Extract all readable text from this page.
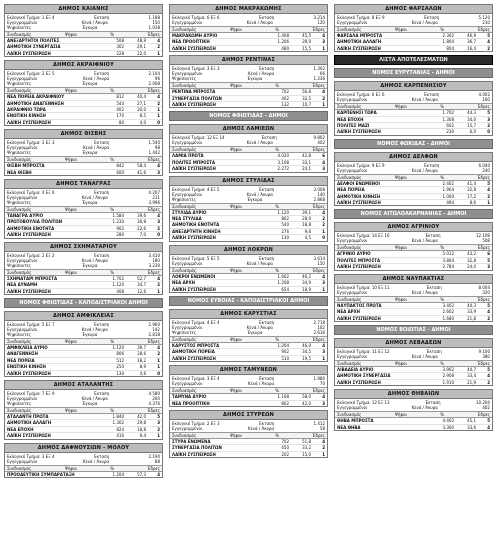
ΔΗΜΟΣ ΚΑΙΑΝΗΣ
Εκλογικό Τμήμα: 1 ΕΞ 4	Έκταση	1.188
Εγγεγραμμένοι	Κενά / Άκυρα	150
Ψηφίσαντες	Έγκυρα	1.038
Συνδυασμός	Ψήφοι	%	Έδρες
ΑΝΕΞΑΡΤΗΤΟΙ ΠΟΛΙΤΕΣ	508	48,9	4
ΔΗΜΟΤΙΚΗ ΣΥΝΕΡΓΑΣΙΑ	302	29,1	2
ΛΑΪΚΗ ΣΥΣΠΕΙΡΩΣΗ	228	22,0	1
ΔΗΜΟΣ ΑΚΡΑΙΦΝΙΟΥ
Εκλογικό Τμήμα: 2 ΕΞ 5	Έκταση	2.104
Εγγεγραμμένοι	Κενά / Άκυρα	96
Ψηφίσαντες	Έγκυρα	2.008
Συνδυασμός	Ψήφοι	%	Έδρες
ΝΕΑ ΠΟΡΕΙΑ ΑΚΡΑΙΦΝΙΟΥ	812	40,4	4
ΔΗΜΟΤΙΚΗ ΑΝΑΓΕΝΝΗΣΗ	544	27,1	2
ΑΚΡΑΙΦΝΙΟ ΤΩΡΑ	402	20,0	1
ΕΝΩΤΙΚΗ ΚΙΝΗΣΗ	170	8,5	1
ΛΑΪΚΗ ΣΥΣΠΕΙΡΩΣΗ	80	4,0	0
ΔΗΜΟΣ ΘΙΣΒΗΣ
Εκλογικό Τμήμα: 3 ΕΞ 3	Έκταση	1.540
Εγγεγραμμένοι	Κενά / Άκυρα	98
Ψηφίσαντες	Έγκυρα	1.442
Συνδυασμός	Ψήφοι	%	Έδρες
ΘΙΣΒΗ ΜΠΡΟΣΤΑ	842	58,4	4
ΝΕΑ ΘΙΣΒΗ	600	41,6	3
ΔΗΜΟΣ ΤΑΝΑΓΡΑΣ
Εκλογικό Τμήμα: 4 ΕΞ 6	Έκταση	4.207
Εγγεγραμμένοι	Κενά / Άκυρα	211
Ψηφίσαντες	Έγκυρα	3.996
Συνδυασμός	Ψήφοι	%	Έδρες
ΤΑΝΑΓΡΑ ΑΥΡΙΟ	1.584	39,6	4
ΠΡΩΤΟΒΟΥΛΙΑ ΠΟΛΙΤΩΝ	1.230	30,8	3
ΔΗΜΟΤΙΚΗ ΕΝΟΤΗΤΑ	902	22,6	2
ΛΑΪΚΗ ΣΥΣΠΕΙΡΩΣΗ	280	7,0	0
ΔΗΜΟΣ ΣΧΗΜΑΤΑΡΙΟΥ
Εκλογικό Τμήμα: 2 ΕΞ 2	Έκταση	3.410
Εγγεγραμμένοι	Κενά / Άκυρα	180
Ψηφίσαντες	Έγκυρα	3.230
Συνδυασμός	Ψήφοι	%	Έδρες
ΣΧΗΜΑΤΑΡΙ ΜΠΡΟΣΤΑ	1.702	52,7	4
ΝΕΑ ΔΥΝΑΜΗ	1.120	34,7	2
ΛΑΪΚΗ ΣΥΣΠΕΙΡΩΣΗ	408	12,6	1
ΝΟΜΟΣ ΦΘΙΩΤΙΔΑΣ - ΚΑΠΟΔΙΣΤΡΙΑΚΟΙ ΔΗΜΟΙ
ΔΗΜΟΣ ΑΜΦΙΚΛΕΙΑΣ
Εκλογικό Τμήμα: 5 ΕΞ 7	Έκταση	2.960
Εγγεγραμμένοι	Κενά / Άκυρα	142
Ψηφίσαντες	Έγκυρα	2.818
Συνδυασμός	Ψήφοι	%	Έδρες
ΑΜΦΙΚΛΕΙΑ ΑΥΡΙΟ	1.120	39,7	4
ΑΝΑΓΕΝΝΗΣΗ	806	28,6	2
ΝΕΑ ΠΟΡΕΙΑ	512	18,2	1
ΕΝΩΤΙΚΗ ΚΙΝΗΣΗ	250	8,9	1
ΛΑΪΚΗ ΣΥΣΠΕΙΡΩΣΗ	130	4,6	0
ΔΗΜΟΣ ΑΤΑΛΑΝΤΗΣ
Εκλογικό Τμήμα: 7 ΕΞ 9	Έκταση	4.580
Εγγεγραμμένοι	Κενά / Άκυρα	204
Ψηφίσαντες	Έγκυρα	4.376
Συνδυασμός	Ψήφοι	%	Έδρες
ΑΤΑΛΑΝΤΗ ΠΡΩΤΑ	1.840	42,0	5
ΔΗΜΟΤΙΚΗ ΑΛΛΑΓΗ	1.302	29,8	3
ΝΕΑ ΕΠΟΧΗ	824	18,8	2
ΛΑΪΚΗ ΣΥΣΠΕΙΡΩΣΗ	410	9,4	1
ΔΗΜΟΣ ΔΑΦΝΟΥΣΙΩΝ - ΜΟΛΟΥ
Εκλογικό Τμήμα: 3 ΕΞ 4	Έκταση	2.190
Εγγεγραμμένοι	Κενά / Άκυρα	88
Συνδυασμός	Ψήφοι	%	Έδρες
ΠΡΟΟΔΕΥΤΙΚΗ ΣΥΜΠΑΡΑΤΑΞΗ	1.204	57,3	4
ΔΗΜΟΣ ΜΑΚΡΑΚΩΜΗΣ
Εκλογικό Τμήμα: 6 ΕΞ 6	Έκταση	3.214
Εγγεγραμμένοι	Κενά / Άκυρα	120
Συνδυασμός	Ψήφοι	%	Έδρες
ΜΑΚΡΑΚΩΜΗ ΑΥΡΙΟ	1.408	45,5	4
ΝΕΑ ΠΡΟΟΠΤΙΚΗ	1.206	39,0	3
ΛΑΪΚΗ ΣΥΣΠΕΙΡΩΣΗ	480	15,5	1
ΔΗΜΟΣ ΡΕΝΤΙΝΑΣ
Εκλογικό Τμήμα: 3 ΕΞ 3	Έκταση	1.302
Εγγεγραμμένοι	Κενά / Άκυρα	66
Ψηφίσαντες	Έγκυρα	1.236
Συνδυασμός	Ψήφοι	%	Έδρες
ΡΕΝΤΙΝΑ ΜΠΡΟΣΤΑ	702	56,8	4
ΣΥΝΕΡΓΑΣΙΑ ΠΟΛΙΤΩΝ	402	32,5	2
ΛΑΪΚΗ ΣΥΣΠΕΙΡΩΣΗ	132	10,7	1
ΝΟΜΟΣ ΦΘΙΩΤΙΔΑΣ - ΔΗΜΟΙ
ΔΗΜΟΣ ΛΑΜΙΕΩΝ
Εκλογικό Τμήμα: 12 ΕΞ 14	Έκταση	9.802
Εγγεγραμμένοι	Κενά / Άκυρα	402
Συνδυασμός	Ψήφοι	%	Έδρες
ΛΑΜΙΑ ΠΡΩΤΑ	4.020	42,8	6
ΠΟΛΙΤΕΣ ΜΠΡΟΣΤΑ	3.108	33,1	4
ΛΑΪΚΗ ΣΥΣΠΕΙΡΩΣΗ	2.272	24,1	3
ΔΗΜΟΣ ΣΤΥΛΙΔΑΣ
Εκλογικό Τμήμα: 4 ΕΞ 5	Έκταση	3.008
Εγγεγραμμένοι	Κενά / Άκυρα	140
Ψηφίσαντες	Έγκυρα	2.868
Συνδυασμός	Ψήφοι	%	Έδρες
ΣΤΥΛΙΔΑ ΑΥΡΙΟ	1.120	39,1	4
ΝΕΑ ΣΤΥΛΙΔΑ	802	28,0	2
ΔΗΜΟΤΙΚΗ ΕΝΟΤΗΤΑ	540	18,8	2
ΑΝΕΞΑΡΤΗΤΗ ΚΙΝΗΣΗ	276	9,6	1
ΛΑΪΚΗ ΣΥΣΠΕΙΡΩΣΗ	130	4,5	0
ΔΗΜΟΣ ΛΟΚΡΩΝ
Εκλογικό Τμήμα: 5 ΕΞ 5	Έκταση	3.614
Εγγεγραμμένοι	Κενά / Άκυρα	150
Συνδυασμός	Ψήφοι	%	Έδρες
ΛΟΚΡΟΙ ΕΝΩΜΕΝΟΙ	1.602	46,2	4
ΝΕΑ ΑΡΧΗ	1.208	34,9	3
ΛΑΪΚΗ ΣΥΣΠΕΙΡΩΣΗ	654	18,9	1
ΝΟΜΟΣ ΕΥΒΟΙΑΣ - ΚΑΠΟΔΙΣΤΡΙΑΚΟΙ ΔΗΜΟΙ
ΔΗΜΟΣ ΚΑΡΥΣΤΙΑΣ
Εκλογικό Τμήμα: 4 ΕΞ 4	Έκταση	2.718
Εγγεγραμμένοι	Κενά / Άκυρα	102
Ψηφίσαντες	Έγκυρα	2.616
Συνδυασμός	Ψήφοι	%	Έδρες
ΚΑΡΥΣΤΟΣ ΜΠΡΟΣΤΑ	1.204	46,0	4
ΔΗΜΟΤΙΚΗ ΠΟΡΕΙΑ	902	34,5	3
ΛΑΪΚΗ ΣΥΣΠΕΙΡΩΣΗ	510	19,5	1
ΔΗΜΟΣ ΤΑΜΥΝΕΩΝ
Εκλογικό Τμήμα: 3 ΕΞ 4	Έκταση	1.980
Εγγεγραμμένοι	Κενά / Άκυρα	70
Συνδυασμός	Ψήφοι	%	Έδρες
ΤΑΜΥΝΑ ΑΥΡΙΟ	1.108	58,0	4
ΝΕΑ ΠΡΟΟΠΤΙΚΗ	802	42,0	3
ΔΗΜΟΣ ΣΤΥΡΕΩΝ
Εκλογικό Τμήμα: 2 ΕΞ 3	Έκταση	1.412
Εγγεγραμμένοι	Κενά / Άκυρα	58
Συνδυασμός	Ψήφοι	%	Έδρες
ΣΤΥΡΑ ΕΝΩΜΕΝΑ	702	51,8	4
ΣΥΝΕΡΓΑΣΙΑ ΠΟΛΙΤΩΝ	450	33,2	2
ΛΑΪΚΗ ΣΥΣΠΕΙΡΩΣΗ	202	15,0	1
ΔΗΜΟΣ ΦΑΡΣΑΛΩΝ
Εκλογικό Τμήμα: 8 ΕΞ 9	Έκταση	5.120
Εγγεγραμμένοι	Κενά / Άκυρα	210
Συνδυασμός	Ψήφοι	%	Έδρες
ΦΑΡΣΑΛΑ ΜΠΡΟΣΤΑ	2.302	46,9	5
ΔΗΜΟΤΙΚΗ ΑΛΛΑΓΗ	1.804	36,7	4
ΛΑΪΚΗ ΣΥΣΠΕΙΡΩΣΗ	804	16,4	2
ΛΙΣΤΑ ΑΠΟΤΕΛΕΣΜΑΤΩΝ
ΝΟΜΟΣ ΕΥΡΥΤΑΝΙΑΣ - ΔΗΜΟΙ
ΔΗΜΟΣ ΚΑΡΠΕΝΗΣΙΟΥ
Εκλογικό Τμήμα: 6 ΕΞ 6	Έκταση	4.002
Εγγεγραμμένοι	Κενά / Άκυρα	160
Συνδυασμός	Ψήφοι	%	Έδρες
ΚΑΡΠΕΝΗΣΙ ΤΩΡΑ	1.702	44,3	5
ΝΕΑ ΕΠΟΧΗ	1.308	34,0	3
ΠΟΛΙΤΕΣ ΜΑΖΙ	602	15,7	2
ΛΑΪΚΗ ΣΥΣΠΕΙΡΩΣΗ	230	6,0	0
ΝΟΜΟΣ ΦΩΚΙΔΑΣ - ΔΗΜΟΙ
ΔΗΜΟΣ ΔΕΛΦΩΝ
Εκλογικό Τμήμα: 9 ΕΞ 9	Έκταση	6.040
Εγγεγραμμένοι	Κενά / Άκυρα	240
Συνδυασμός	Ψήφοι	%	Έδρες
ΔΕΛΦΟΙ ΕΝΩΜΕΝΟΙ	2.402	41,4	5
ΝΕΑ ΠΟΡΕΙΑ	1.904	32,8	4
ΔΗΜΟΤΙΚΗ ΚΙΝΗΣΗ	1.000	17,2	2
ΛΑΪΚΗ ΣΥΣΠΕΙΡΩΣΗ	494	8,6	1
ΝΟΜΟΣ ΑΙΤΩΛΟΑΚΑΡΝΑΝΙΑΣ - ΔΗΜΟΙ
ΔΗΜΟΣ ΑΓΡΙΝΙΟΥ
Εκλογικό Τμήμα: 14 ΕΞ 16	Έκταση	12.108
Εγγεγραμμένοι	Κενά / Άκυρα	508
Συνδυασμός	Ψήφοι	%	Έδρες
ΑΓΡΙΝΙΟ ΑΥΡΙΟ	5.012	43,2	6
ΠΟΛΙΤΕΣ ΜΠΡΟΣΤΑ	3.804	32,8	5
ΛΑΪΚΗ ΣΥΣΠΕΙΡΩΣΗ	2.784	24,0	3
ΔΗΜΟΣ ΝΑΥΠΑΚΤΙΑΣ
Εκλογικό Τμήμα: 10 ΕΞ 11	Έκταση	8.004
Εγγεγραμμένοι	Κενά / Άκυρα	320
Συνδυασμός	Ψήφοι	%	Έδρες
ΝΑΥΠΑΚΤΟΣ ΠΡΩΤΑ	3.402	44,3	5
ΝΕΑ ΑΡΧΗ	2.602	33,9	4
ΛΑΪΚΗ ΣΥΣΠΕΙΡΩΣΗ	1.680	21,8	2
ΝΟΜΟΣ ΒΟΙΩΤΙΑΣ - ΔΗΜΟΙ
ΔΗΜΟΣ ΛΕΒΑΔΕΩΝ
Εκλογικό Τμήμα: 11 ΕΞ 12	Έκταση	9.100
Εγγεγραμμένοι	Κενά / Άκυρα	380
Συνδυασμός	Ψήφοι	%	Έδρες
ΛΙΒΑΔΕΙΑ ΑΥΡΙΟ	3.902	44,7	5
ΔΗΜΟΤΙΚΗ ΣΥΝΕΡΓΑΣΙΑ	2.908	33,4	4
ΛΑΪΚΗ ΣΥΣΠΕΙΡΩΣΗ	1.910	21,9	2
ΔΗΜΟΣ ΘΗΒΑΙΩΝ
Εκλογικό Τμήμα: 12 ΕΞ 13	Έκταση	10.204
Εγγεγραμμένοι	Κενά / Άκυρα	402
Συνδυασμός	Ψήφοι	%	Έδρες
ΘΗΒΑ ΜΠΡΟΣΤΑ	4.402	45,1	5
ΝΕΑ ΘΗΒΑ	3.300	33,6	4
